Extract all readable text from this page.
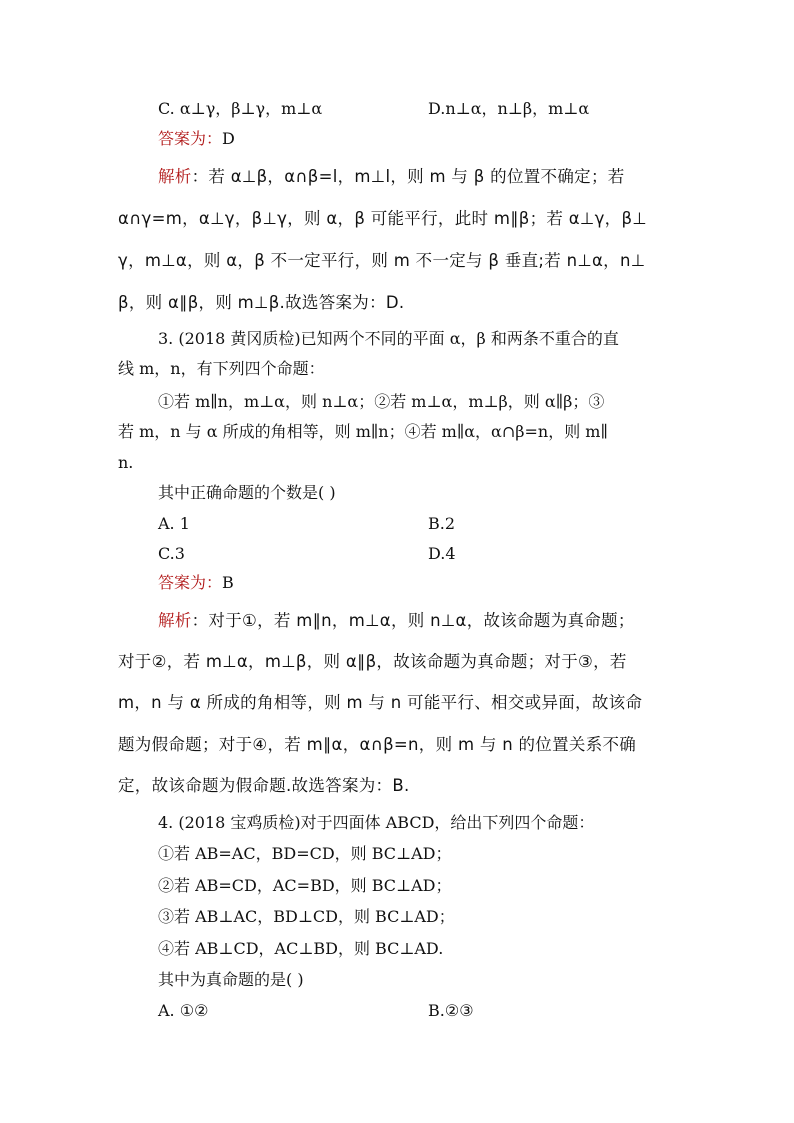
C. α⊥γ，β⊥γ，m⊥α	D.n⊥α，n⊥β，m⊥α
答案为：D
解析：若 α⊥β，α∩β=l，m⊥l，则 m 与 β 的位置不确定；若
α∩γ=m，α⊥γ，β⊥γ，则 α，β 可能平行，此时 m∥β；若 α⊥γ，β⊥
γ，m⊥α，则 α，β 不一定平行，则 m 不一定与 β 垂直;若 n⊥α，n⊥
β，则 α∥β，则 m⊥β.故选答案为：D.
3. (2018 黄冈质检)已知两个不同的平面 α，β 和两条不重合的直
线 m，n，有下列四个命题：
①若 m∥n，m⊥α，则 n⊥α；②若 m⊥α，m⊥β，则 α∥β；③
若 m，n 与 α 所成的角相等，则 m∥n；④若 m∥α，α∩β=n，则 m∥
n.
其中正确命题的个数是( )
A. 1	B.2
C.3	D.4
答案为：B
解析：对于①，若 m∥n，m⊥α，则 n⊥α，故该命题为真命题；
对于②，若 m⊥α，m⊥β，则 α∥β，故该命题为真命题；对于③，若
m，n 与 α 所成的角相等，则 m 与 n 可能平行、相交或异面，故该命
题为假命题；对于④，若 m∥α，α∩β=n，则 m 与 n 的位置关系不确
定，故该命题为假命题.故选答案为：B.
4. (2018 宝鸡质检)对于四面体 ABCD，给出下列四个命题：
①若 AB=AC，BD=CD，则 BC⊥AD；
②若 AB=CD，AC=BD，则 BC⊥AD；
③若 AB⊥AC，BD⊥CD，则 BC⊥AD；
④若 AB⊥CD，AC⊥BD，则 BC⊥AD.
其中为真命题的是( )
A. ①②	B.②③
